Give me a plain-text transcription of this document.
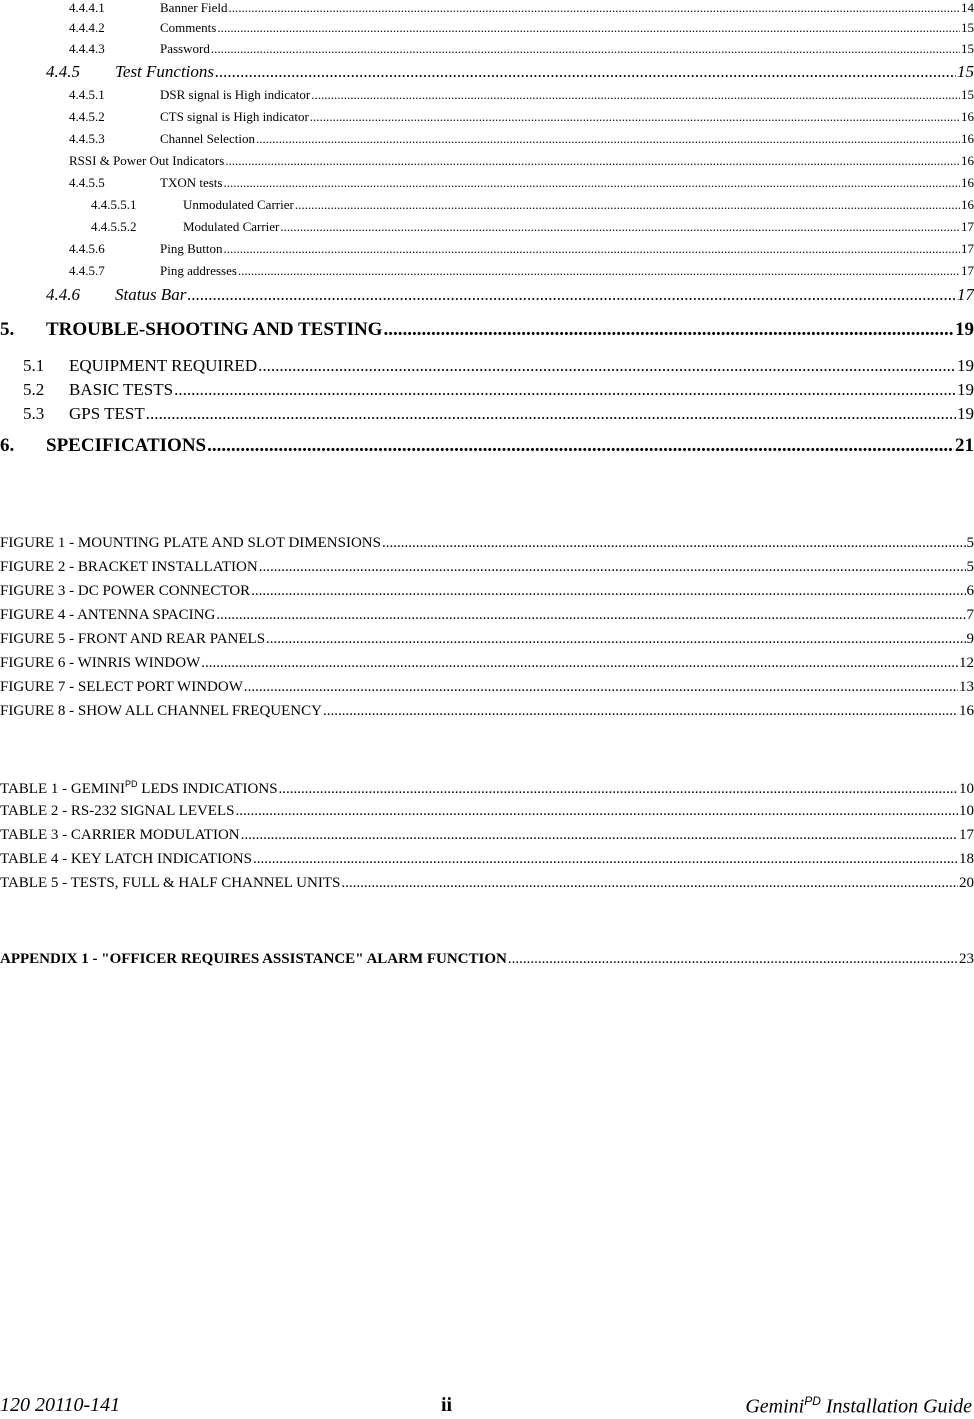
4.4.4.1	Banner Field .....	14
4.4.4.2	Comments .....	15
4.4.4.3	Password .....	15
4.4.5	Test Functions .....	15
4.4.5.1	DSR signal is High indicator .....	15
4.4.5.2	CTS signal is High indicator .....	16
4.4.5.3	Channel Selection .....	16
RSSI & Power Out Indicators .....	16
4.4.5.5	TXON tests .....	16
4.4.5.5.1	Unmodulated Carrier .....	16
4.4.5.5.2	Modulated Carrier .....	17
4.4.5.6	Ping Button .....	17
4.4.5.7	Ping addresses .....	17
4.4.6	Status Bar .....	17
5.	TROUBLE-SHOOTING AND TESTING .....	19
5.1	EQUIPMENT REQUIRED .....	19
5.2	BASIC TESTS .....	19
5.3	GPS TEST .....	19
6.	SPECIFICATIONS .....	21
FIGURE 1 - MOUNTING PLATE AND SLOT DIMENSIONS .....	5
FIGURE 2 - BRACKET INSTALLATION .....	5
FIGURE 3 - DC POWER CONNECTOR .....	6
FIGURE 4 - ANTENNA SPACING .....	7
FIGURE 5 - FRONT AND REAR PANELS .....	9
FIGURE 6 - WINRIS WINDOW .....	12
FIGURE 7 - SELECT PORT WINDOW .....	13
FIGURE 8 - SHOW ALL CHANNEL FREQUENCY .....	16
TABLE $1 - GEMINI^{PD}$ LEDS INDICATIONS .....	10
TABLE 2 - RS-232 SIGNAL LEVELS .....	10
TABLE 3 - CARRIER MODULATION .....	17
TABLE 4 - KEY LATCH INDICATIONS .....	18
TABLE 5 - TESTS, FULL & HALF CHANNEL UNITS .....	20
APPENDIX 1 - "OFFICER REQUIRES ASSISTANCE" ALARM FUNCTION .....	23
120 20110-141	ii	Gemini$^{PD}$ Installation Guide
